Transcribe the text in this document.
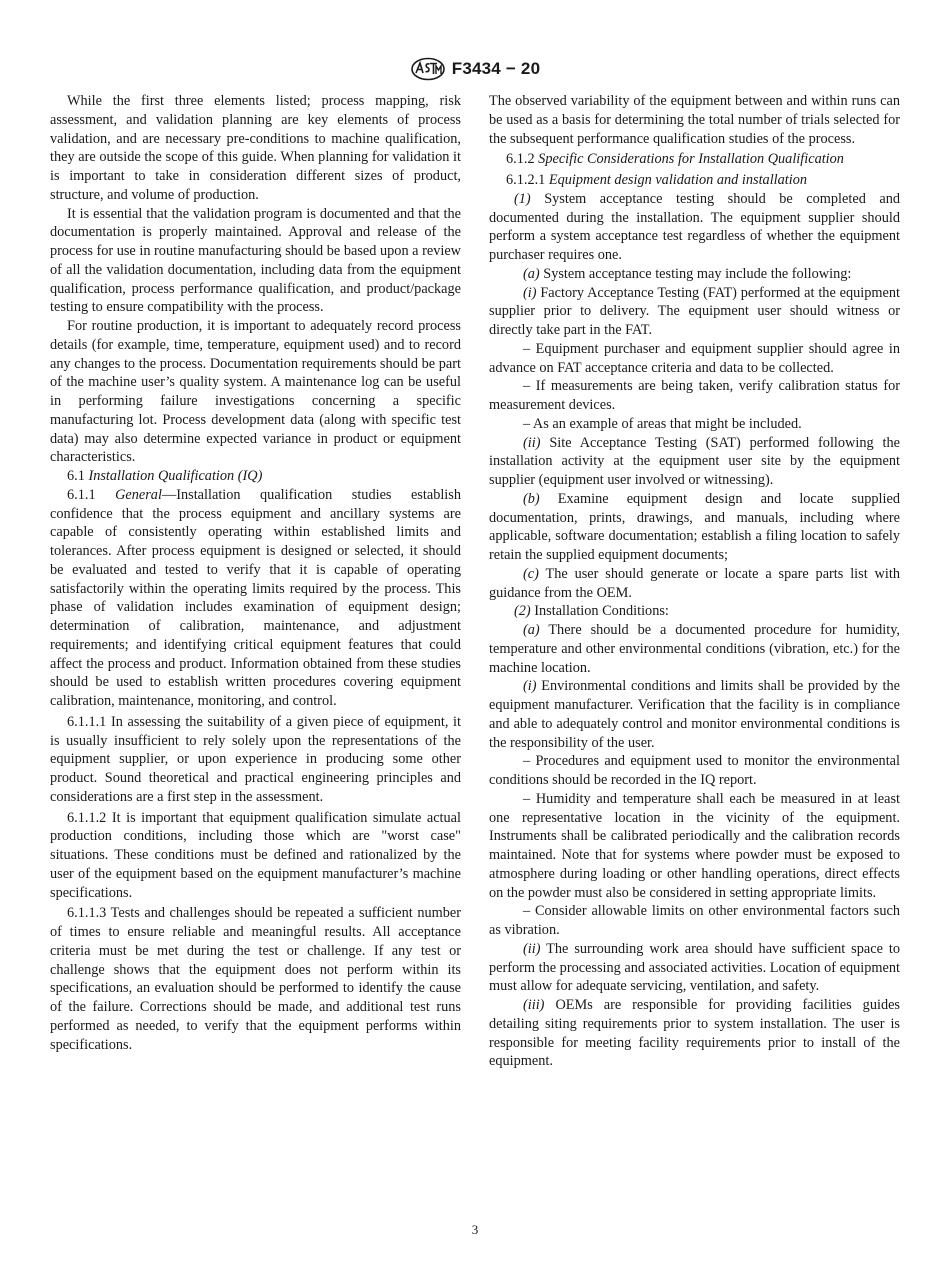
F3434 − 20

While the first three elements listed; process mapping, risk assessment, and validation planning are key elements of process validation, and are necessary pre-conditions to machine qualification, they are outside the scope of this guide. When planning for validation it is important to take in consideration different sizes of product, structure, and volume of production.

It is essential that the validation program is documented and that the documentation is properly maintained. Approval and release of the process for use in routine manufacturing should be based upon a review of all the validation documentation, including data from the equipment qualification, process performance qualification, and product/package testing to ensure compatibility with the process.

For routine production, it is important to adequately record process details (for example, time, temperature, equipment used) and to record any changes to the process. Documentation requirements should be part of the machine user’s quality system. A maintenance log can be useful in performing failure investigations concerning a specific manufacturing lot. Process development data (along with specific test data) may also determine expected variance in product or equipment characteristics.

6.1 Installation Qualification (IQ)

6.1.1 General—Installation qualification studies establish confidence that the process equipment and ancillary systems are capable of consistently operating within established limits and tolerances. After process equipment is designed or selected, it should be evaluated and tested to verify that it is capable of operating satisfactorily within the operating limits required by the process. This phase of validation includes examination of equipment design; determination of calibration, maintenance, and adjustment requirements; and identifying critical equipment features that could affect the process and product. Information obtained from these studies should be used to establish written procedures covering equipment calibration, maintenance, monitoring, and control.

6.1.1.1 In assessing the suitability of a given piece of equipment, it is usually insufficient to rely solely upon the representations of the equipment supplier, or upon experience in producing some other product. Sound theoretical and practical engineering principles and considerations are a first step in the assessment.

6.1.1.2 It is important that equipment qualification simulate actual production conditions, including those which are "worst case" situations. These conditions must be defined and rationalized by the user of the equipment based on the equipment manufacturer’s machine specifications.

6.1.1.3 Tests and challenges should be repeated a sufficient number of times to ensure reliable and meaningful results. All acceptance criteria must be met during the test or challenge. If any test or challenge shows that the equipment does not perform within its specifications, an evaluation should be performed to identify the cause of the failure. Corrections should be made, and additional test runs performed as needed, to verify that the equipment performs within specifications.

The observed variability of the equipment between and within runs can be used as a basis for determining the total number of trials selected for the subsequent performance qualification studies of the process.

6.1.2 Specific Considerations for Installation Qualification

6.1.2.1 Equipment design validation and installation

(1) System acceptance testing should be completed and documented during the installation. The equipment supplier should perform a system acceptance test regardless of whether the equipment purchaser requires one.

(a) System acceptance testing may include the following:

(i) Factory Acceptance Testing (FAT) performed at the equipment supplier prior to delivery. The equipment user should witness or directly take part in the FAT.

– Equipment purchaser and equipment supplier should agree in advance on FAT acceptance criteria and data to be collected.

– If measurements are being taken, verify calibration status for measurement devices.

– As an example of areas that might be included.

(ii) Site Acceptance Testing (SAT) performed following the installation activity at the equipment user site by the equipment supplier (equipment user involved or witnessing).

(b) Examine equipment design and locate supplied documentation, prints, drawings, and manuals, including where applicable, software documentation; establish a filing location to safely retain the supplied equipment documents;

(c) The user should generate or locate a spare parts list with guidance from the OEM.

(2) Installation Conditions:

(a) There should be a documented procedure for humidity, temperature and other environmental conditions (vibration, etc.) for the machine location.

(i) Environmental conditions and limits shall be provided by the equipment manufacturer. Verification that the facility is in compliance and able to adequately control and monitor environmental conditions is the responsibility of the user.

– Procedures and equipment used to monitor the environmental conditions should be recorded in the IQ report.

– Humidity and temperature shall each be measured in at least one representative location in the vicinity of the equipment. Instruments shall be calibrated periodically and the calibration records maintained. Note that for systems where powder must be exposed to atmosphere during loading or other handling operations, direct effects on the powder must also be considered in setting appropriate limits.

– Consider allowable limits on other environmental factors such as vibration.

(ii) The surrounding work area should have sufficient space to perform the processing and associated activities. Location of equipment must allow for adequate servicing, ventilation, and safety.

(iii) OEMs are responsible for providing facilities guides detailing siting requirements prior to system installation. The user is responsible for meeting facility requirements prior to install of the equipment.

3
